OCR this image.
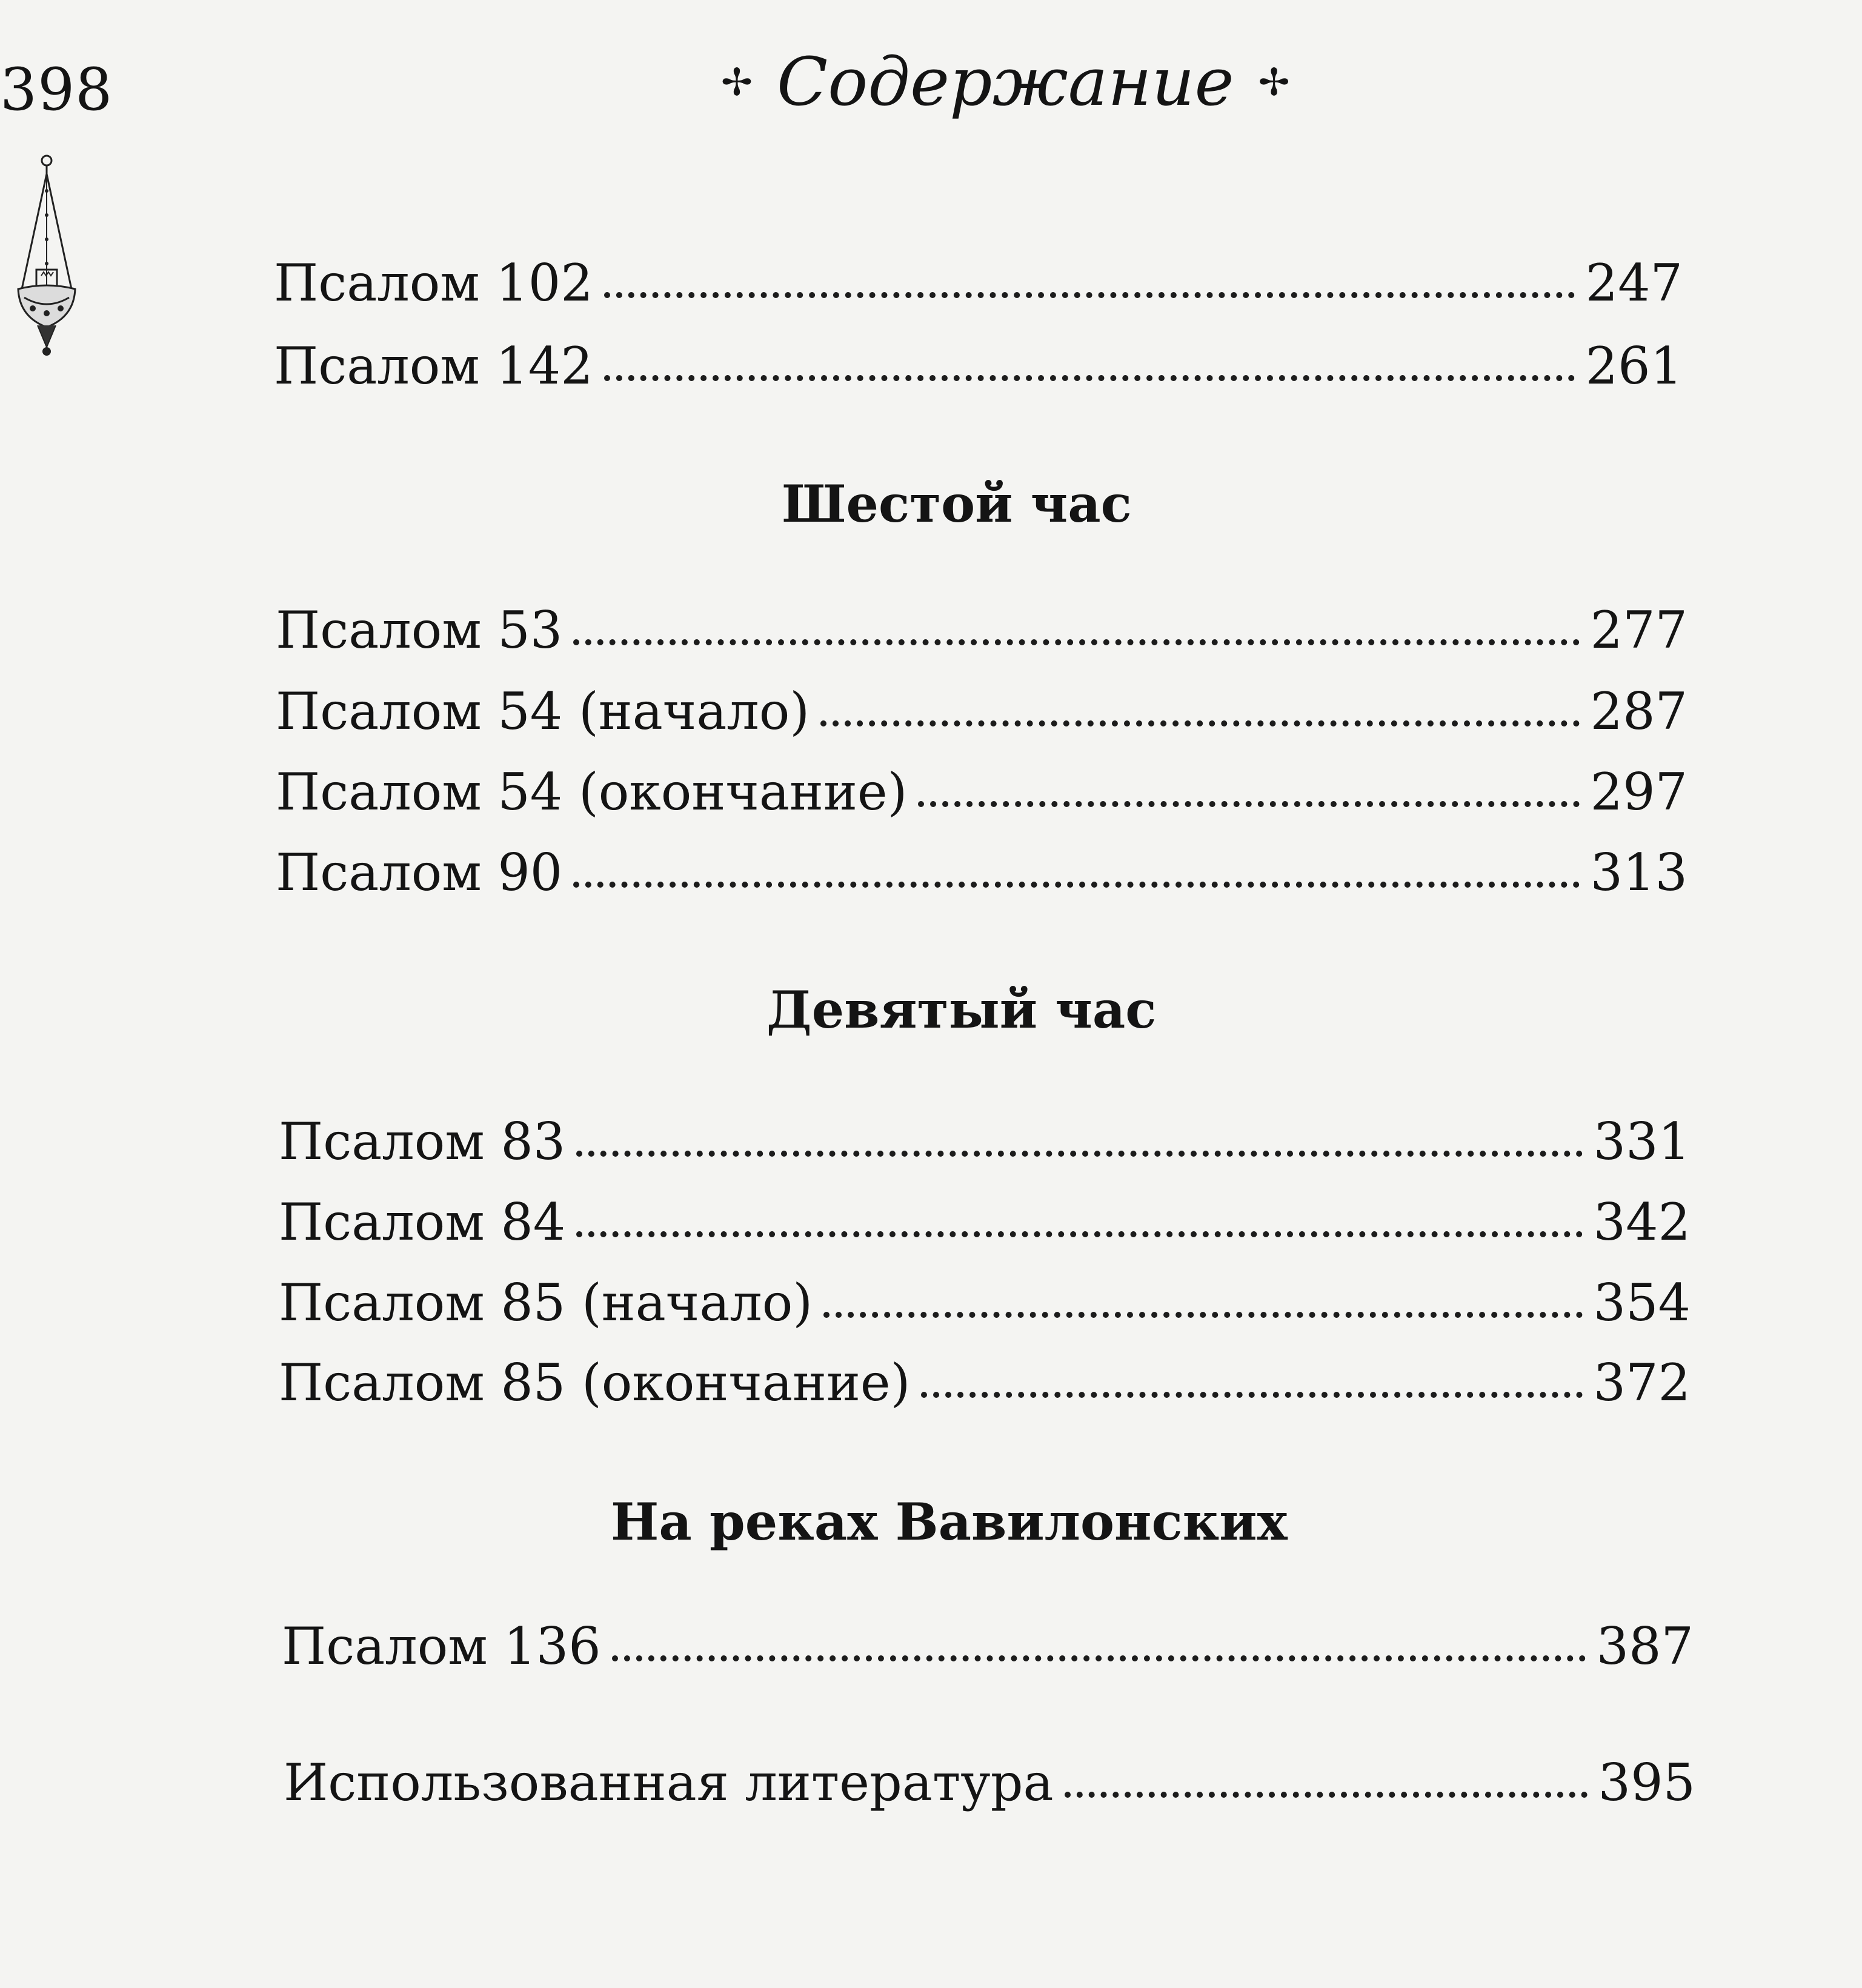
398	✢ Содержание ✢
Псалом 102	247
Псалом 142	261
Шестой час
Псалом 53	277
Псалом 54 (начало)	287
Псалом 54 (окончание)	297
Псалом 90	313
Девятый час
Псалом 83	331
Псалом 84	342
Псалом 85 (начало)	354
Псалом 85 (окончание)	372
На реках Вавилонских
Псалом 136	387
Использованная литература	395
